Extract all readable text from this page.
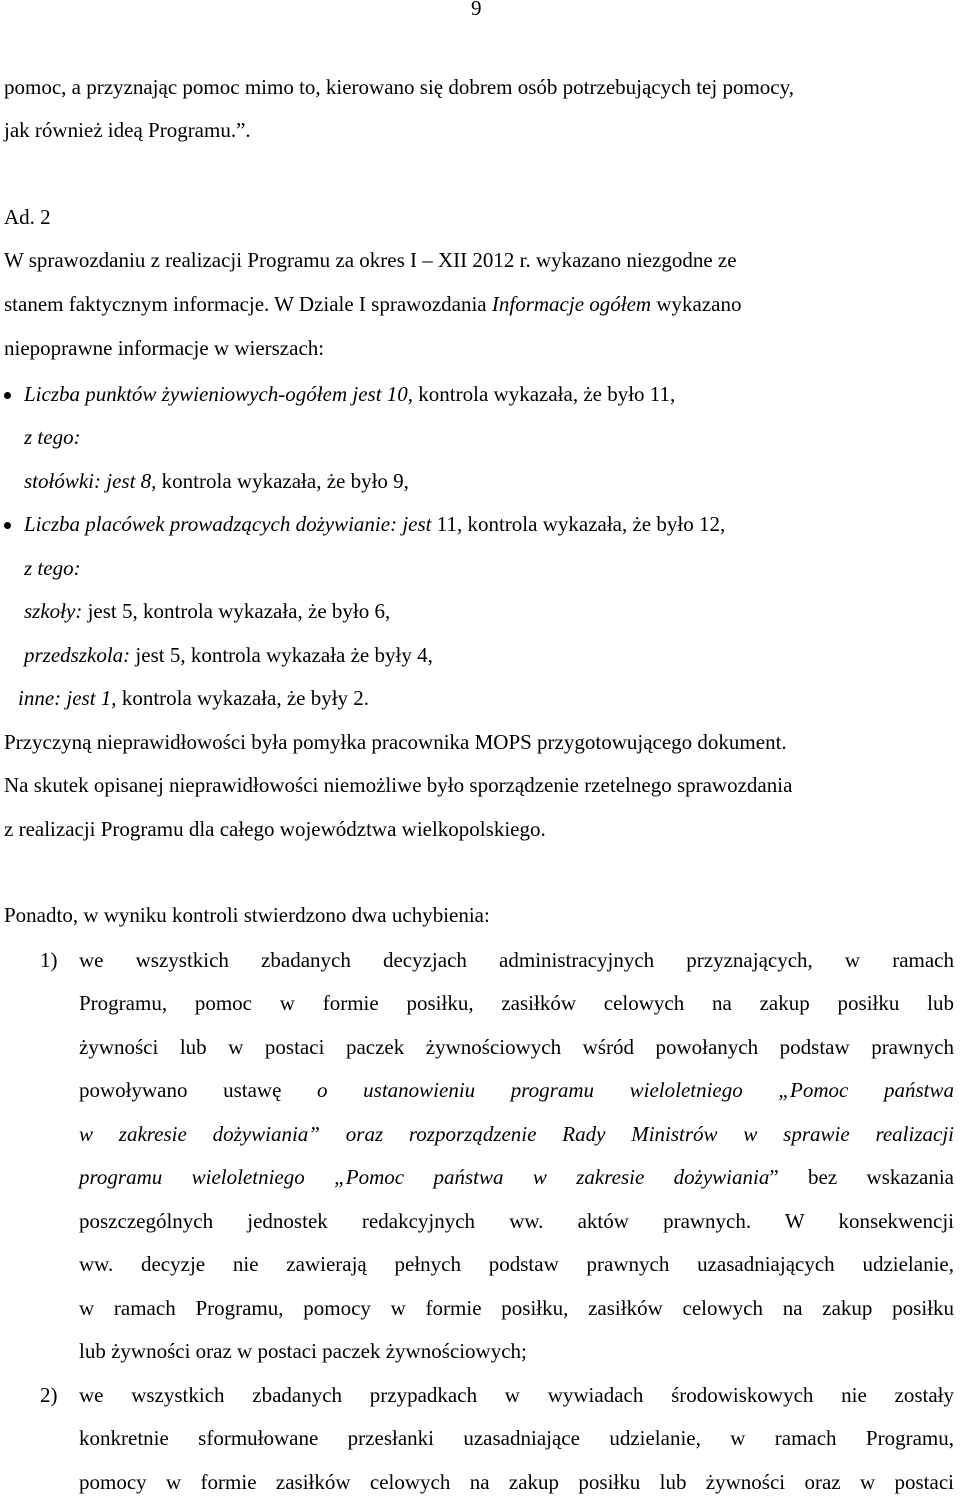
9
pomoc, a przyznając pomoc mimo to, kierowano się dobrem osób potrzebujących tej pomocy,
jak również ideą Programu.”.
Ad. 2
W sprawozdaniu z realizacji Programu za okres I – XII 2012 r. wykazano niezgodne ze
stanem faktycznym informacje. W Dziale I sprawozdania Informacje ogółem wykazano
niepoprawne informacje w wierszach:
Liczba punktów żywieniowych-ogółem jest 10, kontrola wykazała, że było 11,
z tego:
stołówki: jest 8, kontrola wykazała, że było 9,
Liczba placówek prowadzących dożywianie: jest 11, kontrola wykazała, że było 12,
z tego:
szkoły: jest 5, kontrola wykazała, że było 6,
przedszkola: jest 5, kontrola wykazała że były 4,
inne: jest 1, kontrola wykazała, że były 2.
Przyczyną nieprawidłowości była pomyłka pracownika MOPS przygotowującego dokument.
Na skutek opisanej nieprawidłowości niemożliwe było sporządzenie rzetelnego sprawozdania
z realizacji Programu dla całego województwa wielkopolskiego.
Ponadto, w wyniku kontroli stwierdzono dwa uchybienia:
1) we wszystkich zbadanych decyzjach administracyjnych przyznających, w ramach
Programu, pomoc w formie posiłku, zasiłków celowych na zakup posiłku lub
żywności lub w postaci paczek żywnościowych wśród powołanych podstaw prawnych
powoływano ustawę o ustanowieniu programu wieloletniego „Pomoc państwa
w zakresie dożywiania” oraz rozporządzenie Rady Ministrów w sprawie realizacji
programu wieloletniego „Pomoc państwa w zakresie dożywiania” bez wskazania
poszczególnych jednostek redakcyjnych ww. aktów prawnych. W konsekwencji
ww. decyzje nie zawierają pełnych podstaw prawnych uzasadniających udzielanie,
w ramach Programu, pomocy w formie posiłku, zasiłków celowych na zakup posiłku
lub żywności oraz w postaci paczek żywnościowych;
2) we wszystkich zbadanych przypadkach w wywiadach środowiskowych nie zostały
konkretnie sformułowane przesłanki uzasadniające udzielanie, w ramach Programu,
pomocy w formie zasiłków celowych na zakup posiłku lub żywności oraz w postaci
